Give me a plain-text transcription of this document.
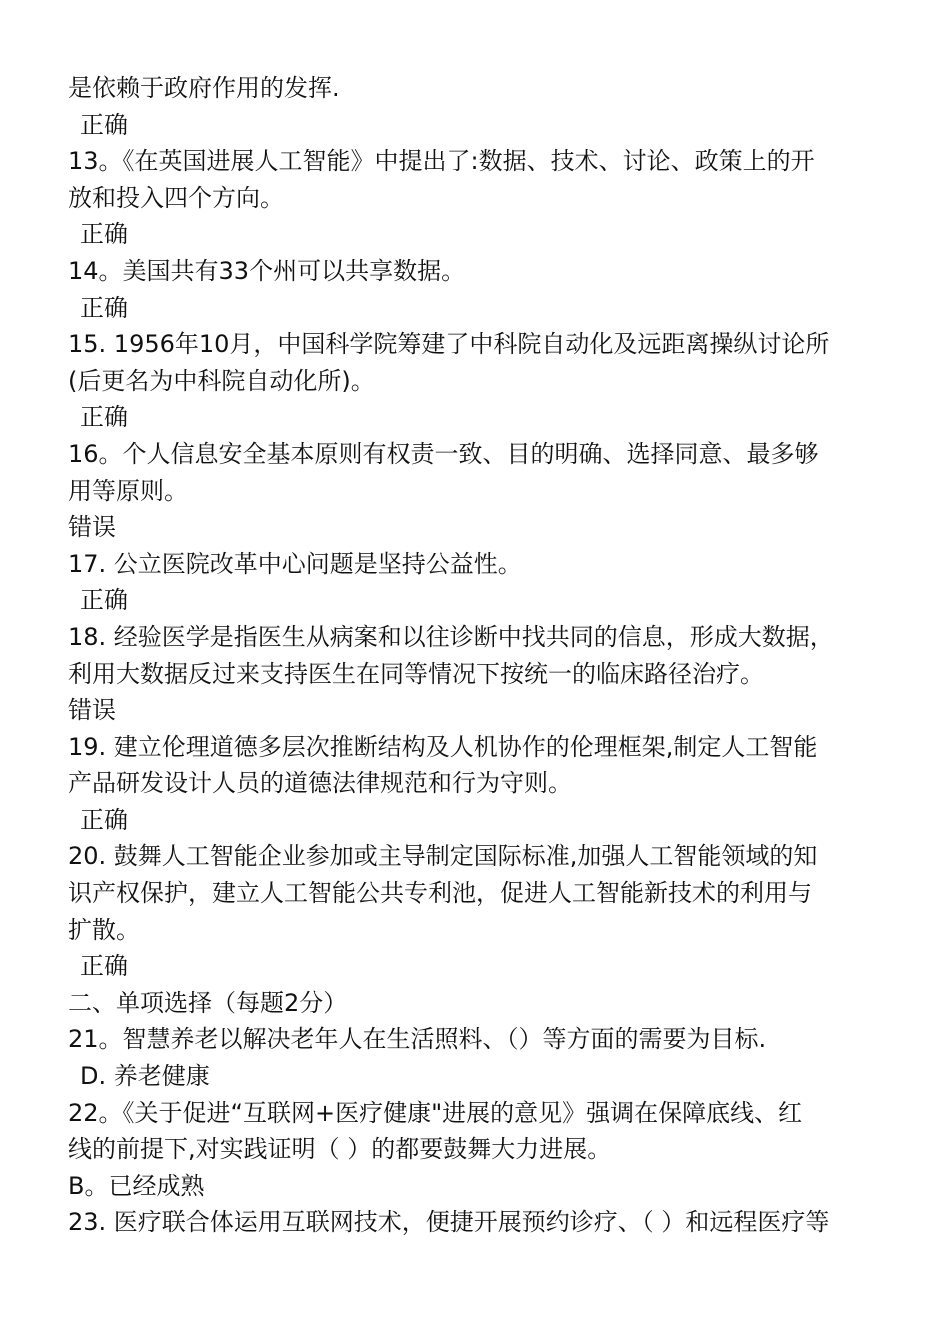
是依赖于政府作用的发挥.
正确
13。《在英国进展人工智能》中提出了:数据、技术、讨论、政策上的开
放和投入四个方向。
正确
14。美国共有33个州可以共享数据。
正确
15. 1956年10月，中国科学院筹建了中科院自动化及远距离操纵讨论所
(后更名为中科院自动化所)。
正确
16。个人信息安全基本原则有权责一致、目的明确、选择同意、最多够
用等原则。
错误
17. 公立医院改革中心问题是坚持公益性。
正确
18. 经验医学是指医生从病案和以往诊断中找共同的信息，形成大数据，
利用大数据反过来支持医生在同等情况下按统一的临床路径治疗。
错误
19. 建立伦理道德多层次推断结构及人机协作的伦理框架,制定人工智能
产品研发设计人员的道德法律规范和行为守则。
正确
20. 鼓舞人工智能企业参加或主导制定国际标准,加强人工智能领域的知
识产权保护，建立人工智能公共专利池，促进人工智能新技术的利用与
扩散。
正确
二、单项选择（每题2分）
21。智慧养老以解决老年人在生活照料、（）等方面的需要为目标.
D. 养老健康
22。《关于促进“互联网+医疗健康"进展的意见》强调在保障底线、红
线的前提下,对实践证明（ ）的都要鼓舞大力进展。
B。已经成熟
23. 医疗联合体运用互联网技术，便捷开展预约诊疗、（ ）和远程医疗等
